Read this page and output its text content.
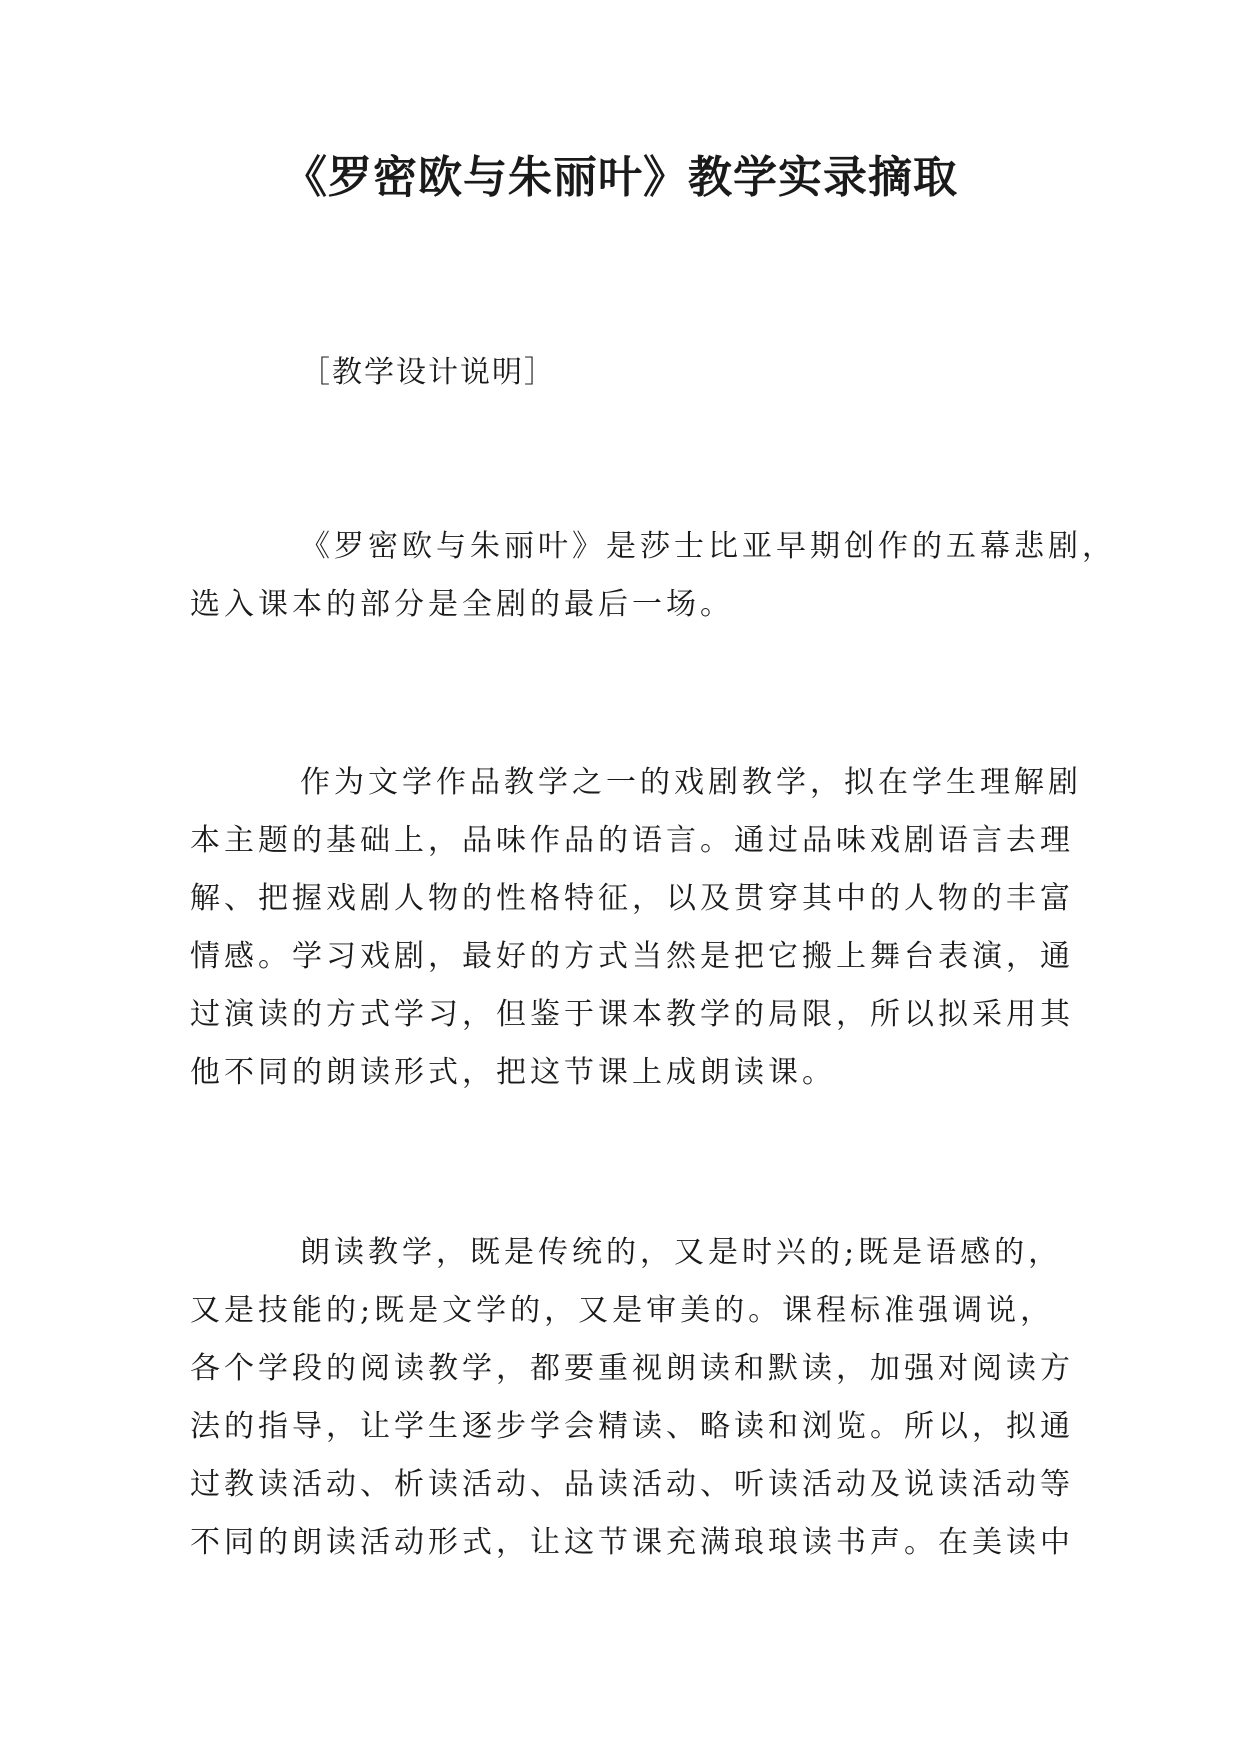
《罗密欧与朱丽叶》教学实录摘取

［教学设计说明］

《罗密欧与朱丽叶》是莎士比亚早期创作的五幕悲剧，
选入课本的部分是全剧的最后一场。

作为文学作品教学之一的戏剧教学，拟在学生理解剧
本主题的基础上，品味作品的语言。通过品味戏剧语言去理
解、把握戏剧人物的性格特征，以及贯穿其中的人物的丰富
情感。学习戏剧，最好的方式当然是把它搬上舞台表演，通
过演读的方式学习，但鉴于课本教学的局限，所以拟采用其
他不同的朗读形式，把这节课上成朗读课。

朗读教学，既是传统的，又是时兴的;既是语感的，
又是技能的;既是文学的，又是审美的。课程标准强调说，
各个学段的阅读教学，都要重视朗读和默读，加强对阅读方
法的指导，让学生逐步学会精读、略读和浏览。所以，拟通
过教读活动、析读活动、品读活动、听读活动及说读活动等
不同的朗读活动形式，让这节课充满琅琅读书声。在美读中
